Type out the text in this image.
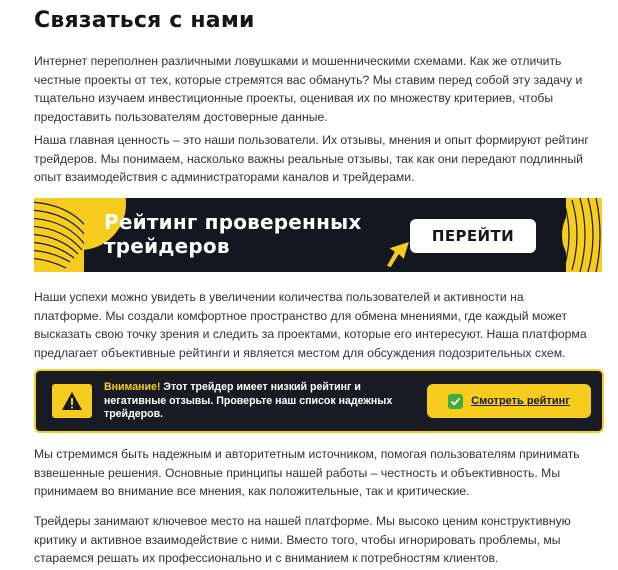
Связаться с нами

Интернет переполнен различными ловушками и мошенническими схемами. Как же отличить честные проекты от тех, которые стремятся вас обмануть? Мы ставим перед собой эту задачу и тщательно изучаем инвестиционные проекты, оценивая их по множеству критериев, чтобы предоставить пользователям достоверные данные.

Наша главная ценность – это наши пользователи. Их отзывы, мнения и опыт формируют рейтинг трейдеров. Мы понимаем, насколько важны реальные отзывы, так как они передают подлинный опыт взаимодействия с администраторами каналов и трейдерами.

Рейтинг проверенных трейдеров	ПЕРЕЙТИ

Наши успехи можно увидеть в увеличении количества пользователей и активности на платформе. Мы создали комфортное пространство для обмена мнениями, где каждый может высказать свою точку зрения и следить за проектами, которые его интересуют. Наша платформа предлагает объективные рейтинги и является местом для обсуждения подозрительных схем.

Внимание! Этот трейдер имеет низкий рейтинг и негативные отзывы. Проверьте наш список надежных трейдеров.
Смотреть рейтинг

Мы стремимся быть надежным и авторитетным источником, помогая пользователям принимать взвешенные решения. Основные принципы нашей работы – честность и объективность. Мы принимаем во внимание все мнения, как положительные, так и критические.

Трейдеры занимают ключевое место на нашей платформе. Мы высоко ценим конструктивную критику и активное взаимодействие с ними. Вместо того, чтобы игнорировать проблемы, мы стараемся решать их профессионально и с вниманием к потребностям клиентов.
